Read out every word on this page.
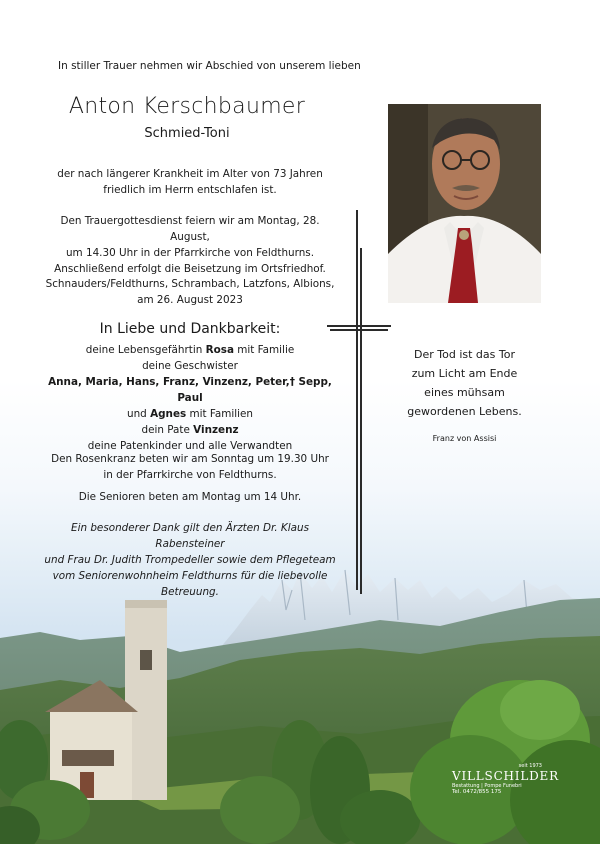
In stiller Trauer nehmen wir Abschied von unserem lieben
Anton Kerschbaumer
Schmied-Toni
der nach längerer Krankheit im Alter von 73 Jahren
friedlich im Herrn entschlafen ist.
Den Trauergottesdienst feiern wir am Montag, 28. August,
um 14.30 Uhr in der Pfarrkirche von Feldthurns.
Anschließend erfolgt die Beisetzung im Ortsfriedhof.
Schnauders/Feldthurns, Schrambach, Latzfons, Albions,
am 26. August 2023
In Liebe und Dankbarkeit:
deine Lebensgefährtin Rosa mit Familie
deine Geschwister
Anna, Maria, Hans, Franz, Vinzenz, Peter,† Sepp, Paul
und Agnes mit Familien
dein Pate Vinzenz
deine Patenkinder und alle Verwandten
Den Rosenkranz beten wir am Sonntag um 19.30 Uhr
in der Pfarrkirche von Feldthurns.
Die Senioren beten am Montag um 14 Uhr.
Ein besonderer Dank gilt den Ärzten Dr. Klaus Rabensteiner
und Frau Dr. Judith Trompedeller sowie dem Pflegeteam
vom Seniorenwohnheim Feldthurns für die liebevolle Betreuung.
Der Tod ist das Tor
zum Licht am Ende
eines mühsam
gewordenen Lebens.
Franz von Assisi
seit 1973
VILLSCHILDER
Bestattung | Pompe Funebri
Tel. 0472/855 175
